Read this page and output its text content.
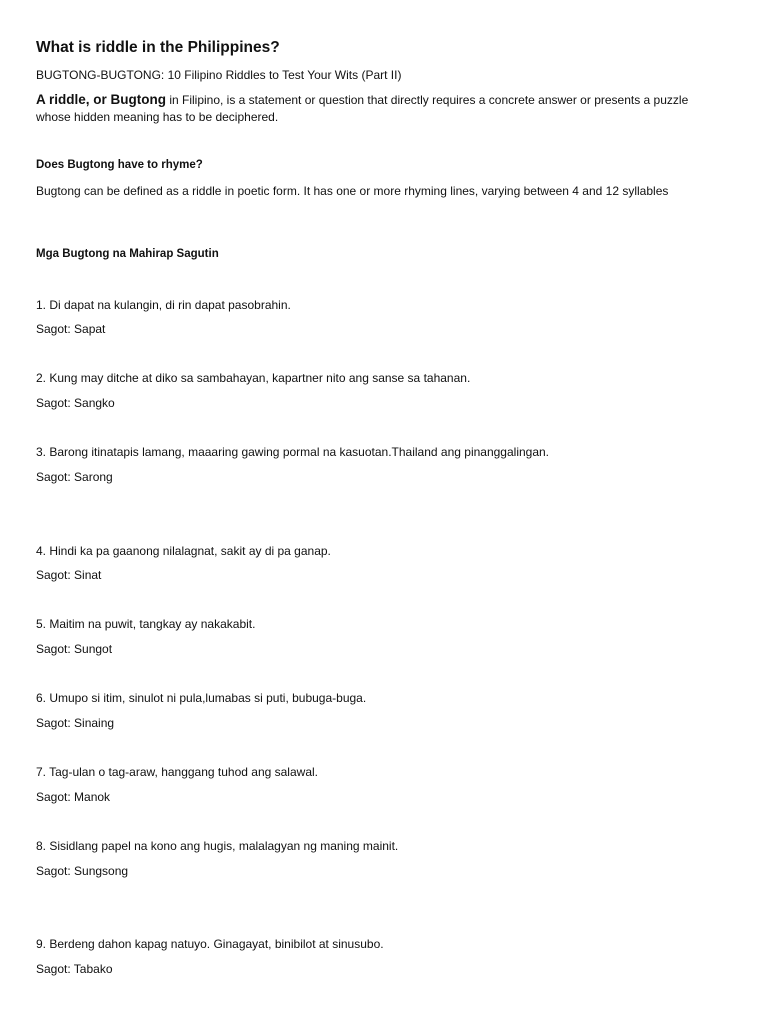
What is riddle in the Philippines?

BUGTONG-BUGTONG: 10 Filipino Riddles to Test Your Wits (Part II)

A riddle, or Bugtong in Filipino, is a statement or question that directly requires a concrete answer or presents a puzzle whose hidden meaning has to be deciphered.

Does Bugtong have to rhyme?

Bugtong can be defined as a riddle in poetic form. It has one or more rhyming lines, varying between 4 and 12 syllables

Mga Bugtong na Mahirap Sagutin

1. Di dapat na kulangin, di rin dapat pasobrahin.

Sagot: Sapat

2. Kung may ditche at diko sa sambahayan, kapartner nito ang sanse sa tahanan.

Sagot: Sangko

3. Barong itinatapis lamang, maaaring gawing pormal na kasuotan.Thailand ang pinanggalingan.

Sagot: Sarong

4. Hindi ka pa gaanong nilalagnat, sakit ay di pa ganap.

Sagot: Sinat

5. Maitim na puwit, tangkay ay nakakabit.

Sagot: Sungot

6. Umupo si itim, sinulot ni pula,lumabas si puti, bubuga-buga.

Sagot: Sinaing

7. Tag-ulan o tag-araw, hanggang tuhod ang salawal.

Sagot: Manok

8. Sisidlang papel na kono ang hugis, malalagyan ng maning mainit.

Sagot: Sungsong

9. Berdeng dahon kapag natuyo. Ginagayat, binibilot at sinusubo.

Sagot: Tabako
